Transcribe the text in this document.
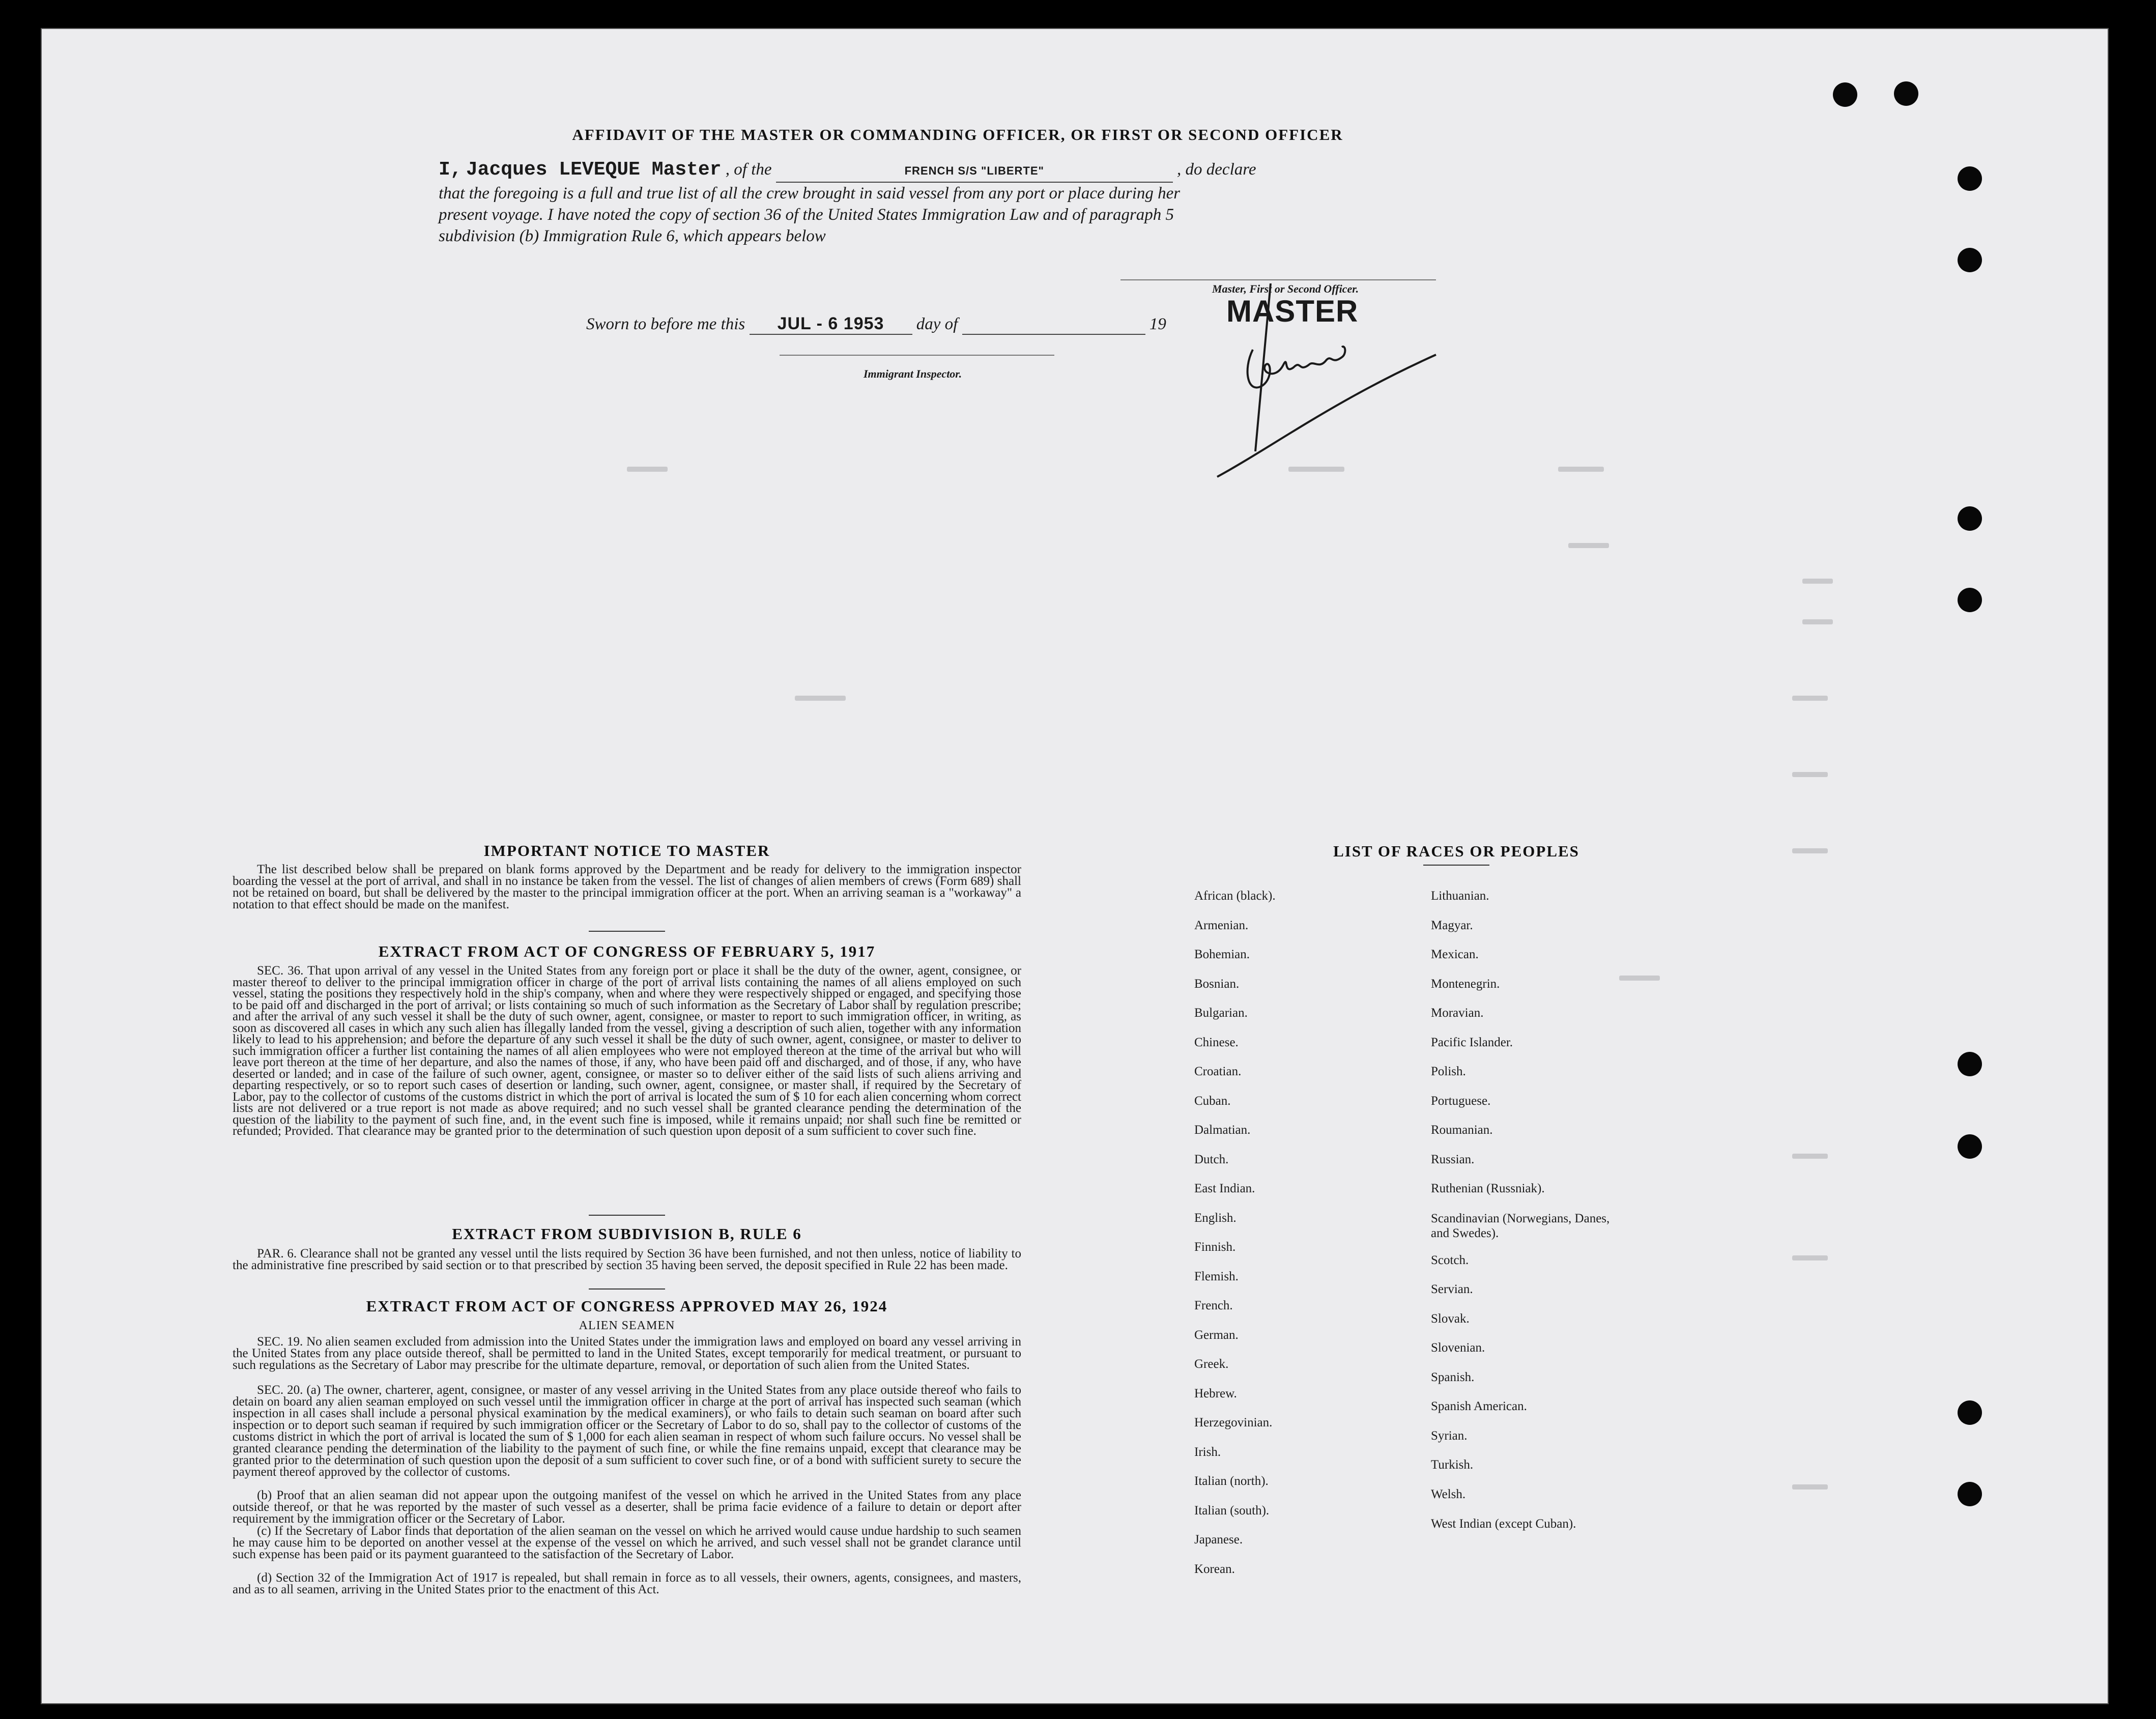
AFFIDAVIT OF THE MASTER OR COMMANDING OFFICER, OR FIRST OR SECOND OFFICER
I, Jacques LEVEQUE Master , of the	FRENCH S/S "LIBERTE"	, do declare
that the foregoing is a full and true list of all the crew brought in said vessel from any port or place during her
present voyage. I have noted the copy of section 36 of the United States Immigration Law and of paragraph 5
subdivision (b) Immigration Rule 6, which appears below
Master, First or Second Officer.
MASTER
Sworn to before me this JUL - 6 1953 day of	19
Immigrant Inspector.
IMPORTANT NOTICE TO MASTER
The list described below shall be prepared on blank forms approved by the Department and be ready for delivery to the immigration inspector boarding the vessel at the port of arrival, and shall in no instance be taken from the vessel. The list of changes of alien members of crews (Form 689) shall not be retained on board, but shall be delivered by the master to the principal immigration officer at the port. When an arriving seaman is a "workaway" a notation to that effect should be made on the manifest.
EXTRACT FROM ACT OF CONGRESS OF FEBRUARY 5, 1917
SEC. 36. That upon arrival of any vessel in the United States from any foreign port or place it shall be the duty of the owner, agent, consignee, or master thereof to deliver to the principal immigration officer in charge of the port of arrival lists containing the names of all aliens employed on such vessel, stating the positions they respectively hold in the ship's company, when and where they were respectively shipped or engaged, and specifying those to be paid off and discharged in the port of arrival; or lists containing so much of such information as the Secretary of Labor shall by regulation prescribe; and after the arrival of any such vessel it shall be the duty of such owner, agent, consignee, or master to report to such immigration officer, in writing, as soon as discovered all cases in which any such alien has illegally landed from the vessel, giving a description of such alien, together with any information likely to lead to his apprehension; and before the departure of any such vessel it shall be the duty of such owner, agent, consignee, or master to deliver to such immigration officer a further list containing the names of all alien employees who were not employed thereon at the time of the arrival but who will leave port thereon at the time of her departure, and also the names of those, if any, who have been paid off and discharged, and of those, if any, who have deserted or landed; and in case of the failure of such owner, agent, consignee, or master so to deliver either of the said lists of such aliens arriving and departing respectively, or so to report such cases of desertion or landing, such owner, agent, consignee, or master shall, if required by the Secretary of Labor, pay to the collector of customs of the customs district in which the port of arrival is located the sum of $ 10 for each alien concerning whom correct lists are not delivered or a true report is not made as above required; and no such vessel shall be granted clearance pending the determination of the question of the liability to the payment of such fine, and, in the event such fine is imposed, while it remains unpaid; nor shall such fine be remitted or refunded; Provided. That clearance may be granted prior to the determination of such question upon deposit of a sum sufficient to cover such fine.
EXTRACT FROM SUBDIVISION B, RULE 6
PAR. 6. Clearance shall not be granted any vessel until the lists required by Section 36 have been furnished, and not then unless, notice of liability to the administrative fine prescribed by said section or to that prescribed by section 35 having been served, the deposit specified in Rule 22 has been made.
EXTRACT FROM ACT OF CONGRESS APPROVED MAY 26, 1924
ALIEN SEAMEN
SEC. 19. No alien seamen excluded from admission into the United States under the immigration laws and employed on board any vessel arriving in the United States from any place outside thereof, shall be permitted to land in the United States, except temporarily for medical treatment, or pursuant to such regulations as the Secretary of Labor may prescribe for the ultimate departure, removal, or deportation of such alien from the United States.
SEC. 20. (a) The owner, charterer, agent, consignee, or master of any vessel arriving in the United States from any place outside thereof who fails to detain on board any alien seaman employed on such vessel until the immigration officer in charge at the port of arrival has inspected such seaman (which inspection in all cases shall include a personal physical examination by the medical examiners), or who fails to detain such seaman on board after such inspection or to deport such seaman if required by such immigration officer or the Secretary of Labor to do so, shall pay to the collector of customs of the customs district in which the port of arrival is located the sum of $ 1,000 for each alien seaman in respect of whom such failure occurs. No vessel shall be granted clearance pending the determination of the liability to the payment of such fine, or while the fine remains unpaid, except that clearance may be granted prior to the determination of such question upon the deposit of a sum sufficient to cover such fine, or of a bond with sufficient surety to secure the payment thereof approved by the collector of customs.
(b) Proof that an alien seaman did not appear upon the outgoing manifest of the vessel on which he arrived in the United States from any place outside thereof, or that he was reported by the master of such vessel as a deserter, shall be prima facie evidence of a failure to detain or deport after requirement by the immigration officer or the Secretary of Labor.
(c) If the Secretary of Labor finds that deportation of the alien seaman on the vessel on which he arrived would cause undue hardship to such seamen he may cause him to be deported on another vessel at the expense of the vessel on which he arrived, and such vessel shall not be grandet clarance until such expense has been paid or its payment guaranteed to the satisfaction of the Secretary of Labor.
(d) Section 32 of the Immigration Act of 1917 is repealed, but shall remain in force as to all vessels, their owners, agents, consignees, and masters, and as to all seamen, arriving in the United States prior to the enactment of this Act.
LIST OF RACES OR PEOPLES
African (black).
Armenian.
Bohemian.
Bosnian.
Bulgarian.
Chinese.
Croatian.
Cuban.
Dalmatian.
Dutch.
East Indian.
English.
Finnish.
Flemish.
French.
German.
Greek.
Hebrew.
Herzegovinian.
Irish.
Italian (north).
Italian (south).
Japanese.
Korean.
Lithuanian.
Magyar.
Mexican.
Montenegrin.
Moravian.
Pacific Islander.
Polish.
Portuguese.
Roumanian.
Russian.
Ruthenian (Russniak).
Scandinavian (Norwegians, Danes, and Swedes).
Scotch.
Servian.
Slovak.
Slovenian.
Spanish.
Spanish American.
Syrian.
Turkish.
Welsh.
West Indian (except Cuban).
